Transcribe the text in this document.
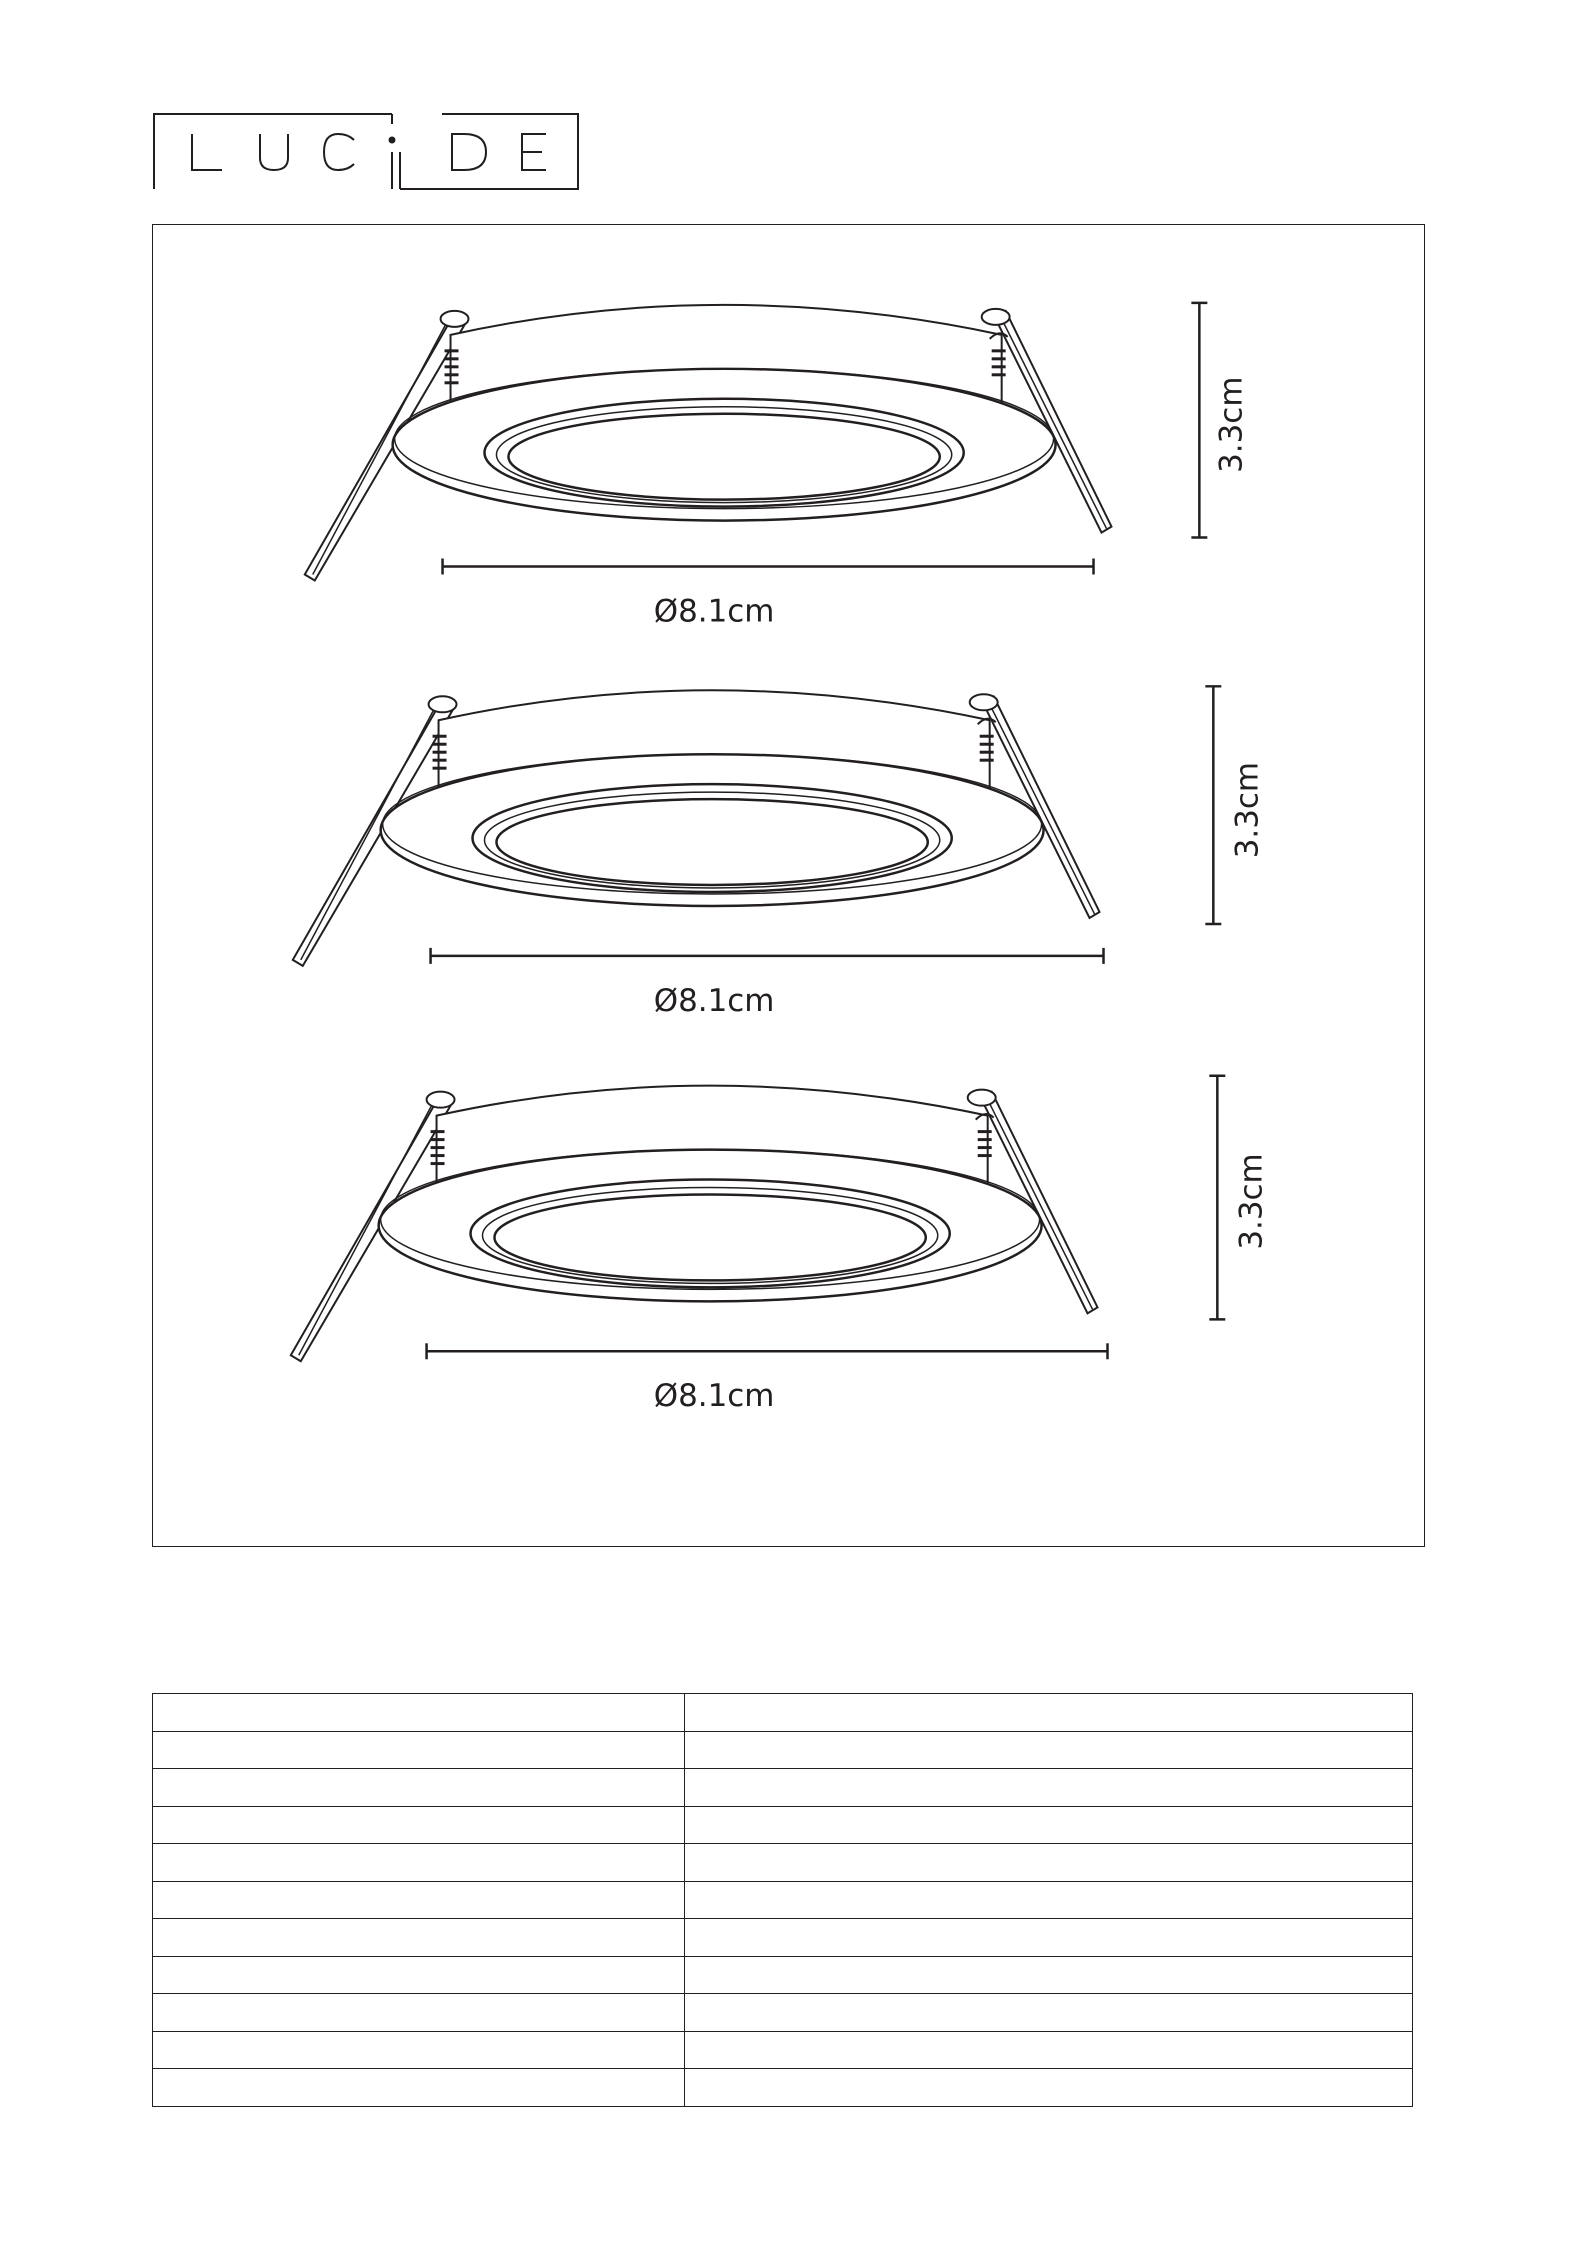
Ø8.1cm
3.3cm
Ø8.1cm
3.3cm
Ø8.1cm
3.3cm
